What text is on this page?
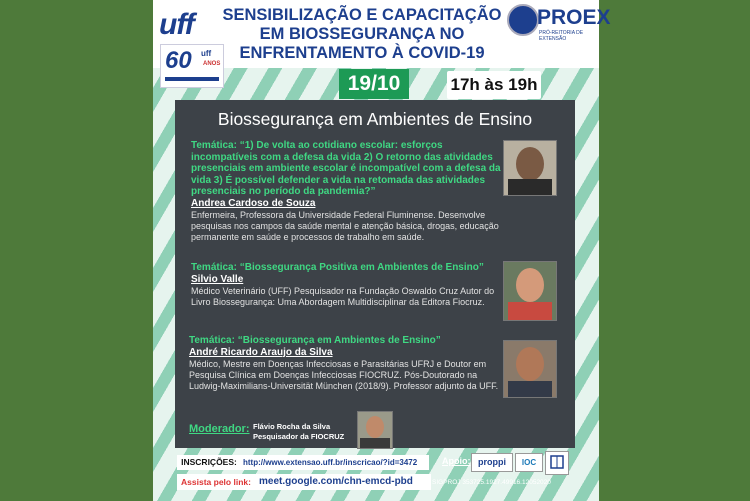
uff SENSIBILIZAÇÃO E CAPACITAÇÃO
EM BIOSSEGURANÇA NO
ENFRENTAMENTO À COVID-19
PROEX
PRÓ-REITORIA DE EXTENSÃO
60 uff
ANOS
19/10	17h às 19h
Biossegurança em Ambientes de Ensino
Temática: “1) De volta ao cotidiano escolar: esforços incompatíveis com a defesa da vida 2) O retorno das atividades presenciais em ambiente escolar é incompatível com a defesa da vida 3) É possível defender a vida na retomada das atividades presenciais no período da pandemia?”
Andrea Cardoso de Souza
Enfermeira, Professora da Universidade Federal Fluminense. Desenvolve pesquisas nos campos da saúde mental e atenção básica, drogas, educação permanente em saúde e processos de trabalho em saúde.
Temática: “Biossegurança Positiva em Ambientes de Ensino”
Silvio Valle
Médico Veterinário (UFF) Pesquisador na Fundação Oswaldo Cruz Autor do Livro Biossegurança: Uma Abordagem Multidisciplinar da Editora Fiocruz.
Temática: “Biossegurança em Ambientes de Ensino”
André Ricardo Araujo da Silva
Médico, Mestre em Doenças Infecciosas e Parasitárias UFRJ e Doutor em Pesquisa Clínica em Doenças Infecciosas FIOCRUZ. Pós-Doutorado na Ludwig-Maximilians-Universität München (2018/9). Professor adjunto da UFF.
Moderador: Flávio Rocha da Silva
Pesquisador da FIOCRUZ
INSCRIÇÕES: http://www.extensao.uff.br/inscricao/?id=3472
Assista pelo link: meet.google.com/chn-emcd-pbd
Apoio: proppi	IOC
SIGPROJ 353725.1927.49916.12052020
